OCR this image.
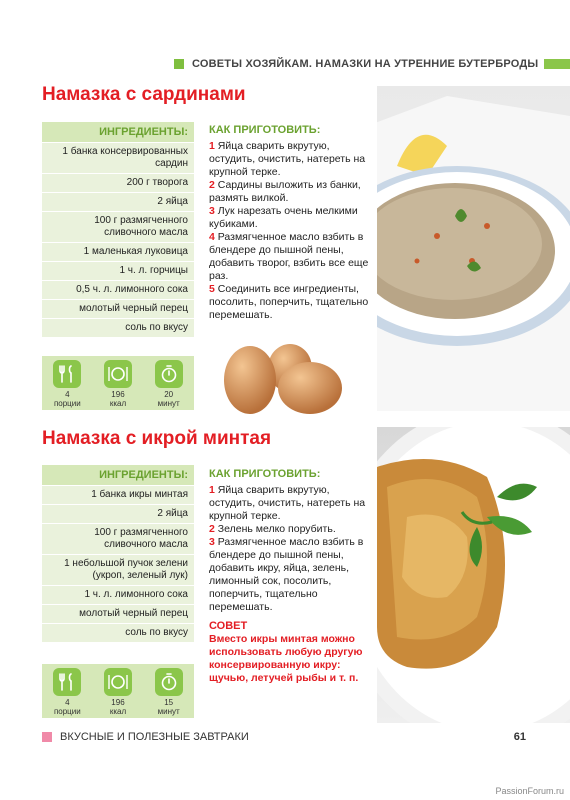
СОВЕТЫ ХОЗЯЙКАМ. НАМАЗКИ НА УТРЕННИЕ БУТЕРБРОДЫ
Намазка с сардинами
ИНГРЕДИЕНТЫ:
1 банка консервированных сардин
200 г творога
2 яйца
100 г размягченного сливочного масла
1 маленькая луковица
1 ч. л. горчицы
0,5 ч. л. лимонного сока
молотый черный перец
соль по вкусу
4
порции
196
ккал
20
минут
КАК ПРИГОТОВИТЬ:
1 Яйца сварить вкрутую, остудить, очистить, натереть на крупной терке.
2 Сардины выложить из банки, размять вилкой.
3 Лук нарезать очень мелкими кубиками.
4 Размягченное масло взбить в блендере до пышной пены, добавить творог, взбить все еще раз.
5 Соединить все ингредиенты, посолить, поперчить, тщательно перемешать.
Намазка с икрой минтая
ИНГРЕДИЕНТЫ:
1 банка икры минтая
2 яйца
100 г размягченного сливочного масла
1 небольшой пучок зелени (укроп, зеленый лук)
1 ч. л. лимонного сока
молотый черный перец
соль по вкусу
4
порции
196
ккал
15
минут
КАК ПРИГОТОВИТЬ:
1 Яйца сварить вкрутую, остудить, очистить, натереть на крупной терке.
2 Зелень мелко порубить.
3 Размягченное масло взбить в блендере до пышной пены, добавить икру, яйца, зелень, лимонный сок, посолить, поперчить, тщательно перемешать.
СОВЕТ
Вместо икры минтая можно использовать любую другую консервированную икру: щучью, летучей рыбы и т. п.
ВКУСНЫЕ И ПОЛЕЗНЫЕ ЗАВТРАКИ	61
PassionForum.ru
